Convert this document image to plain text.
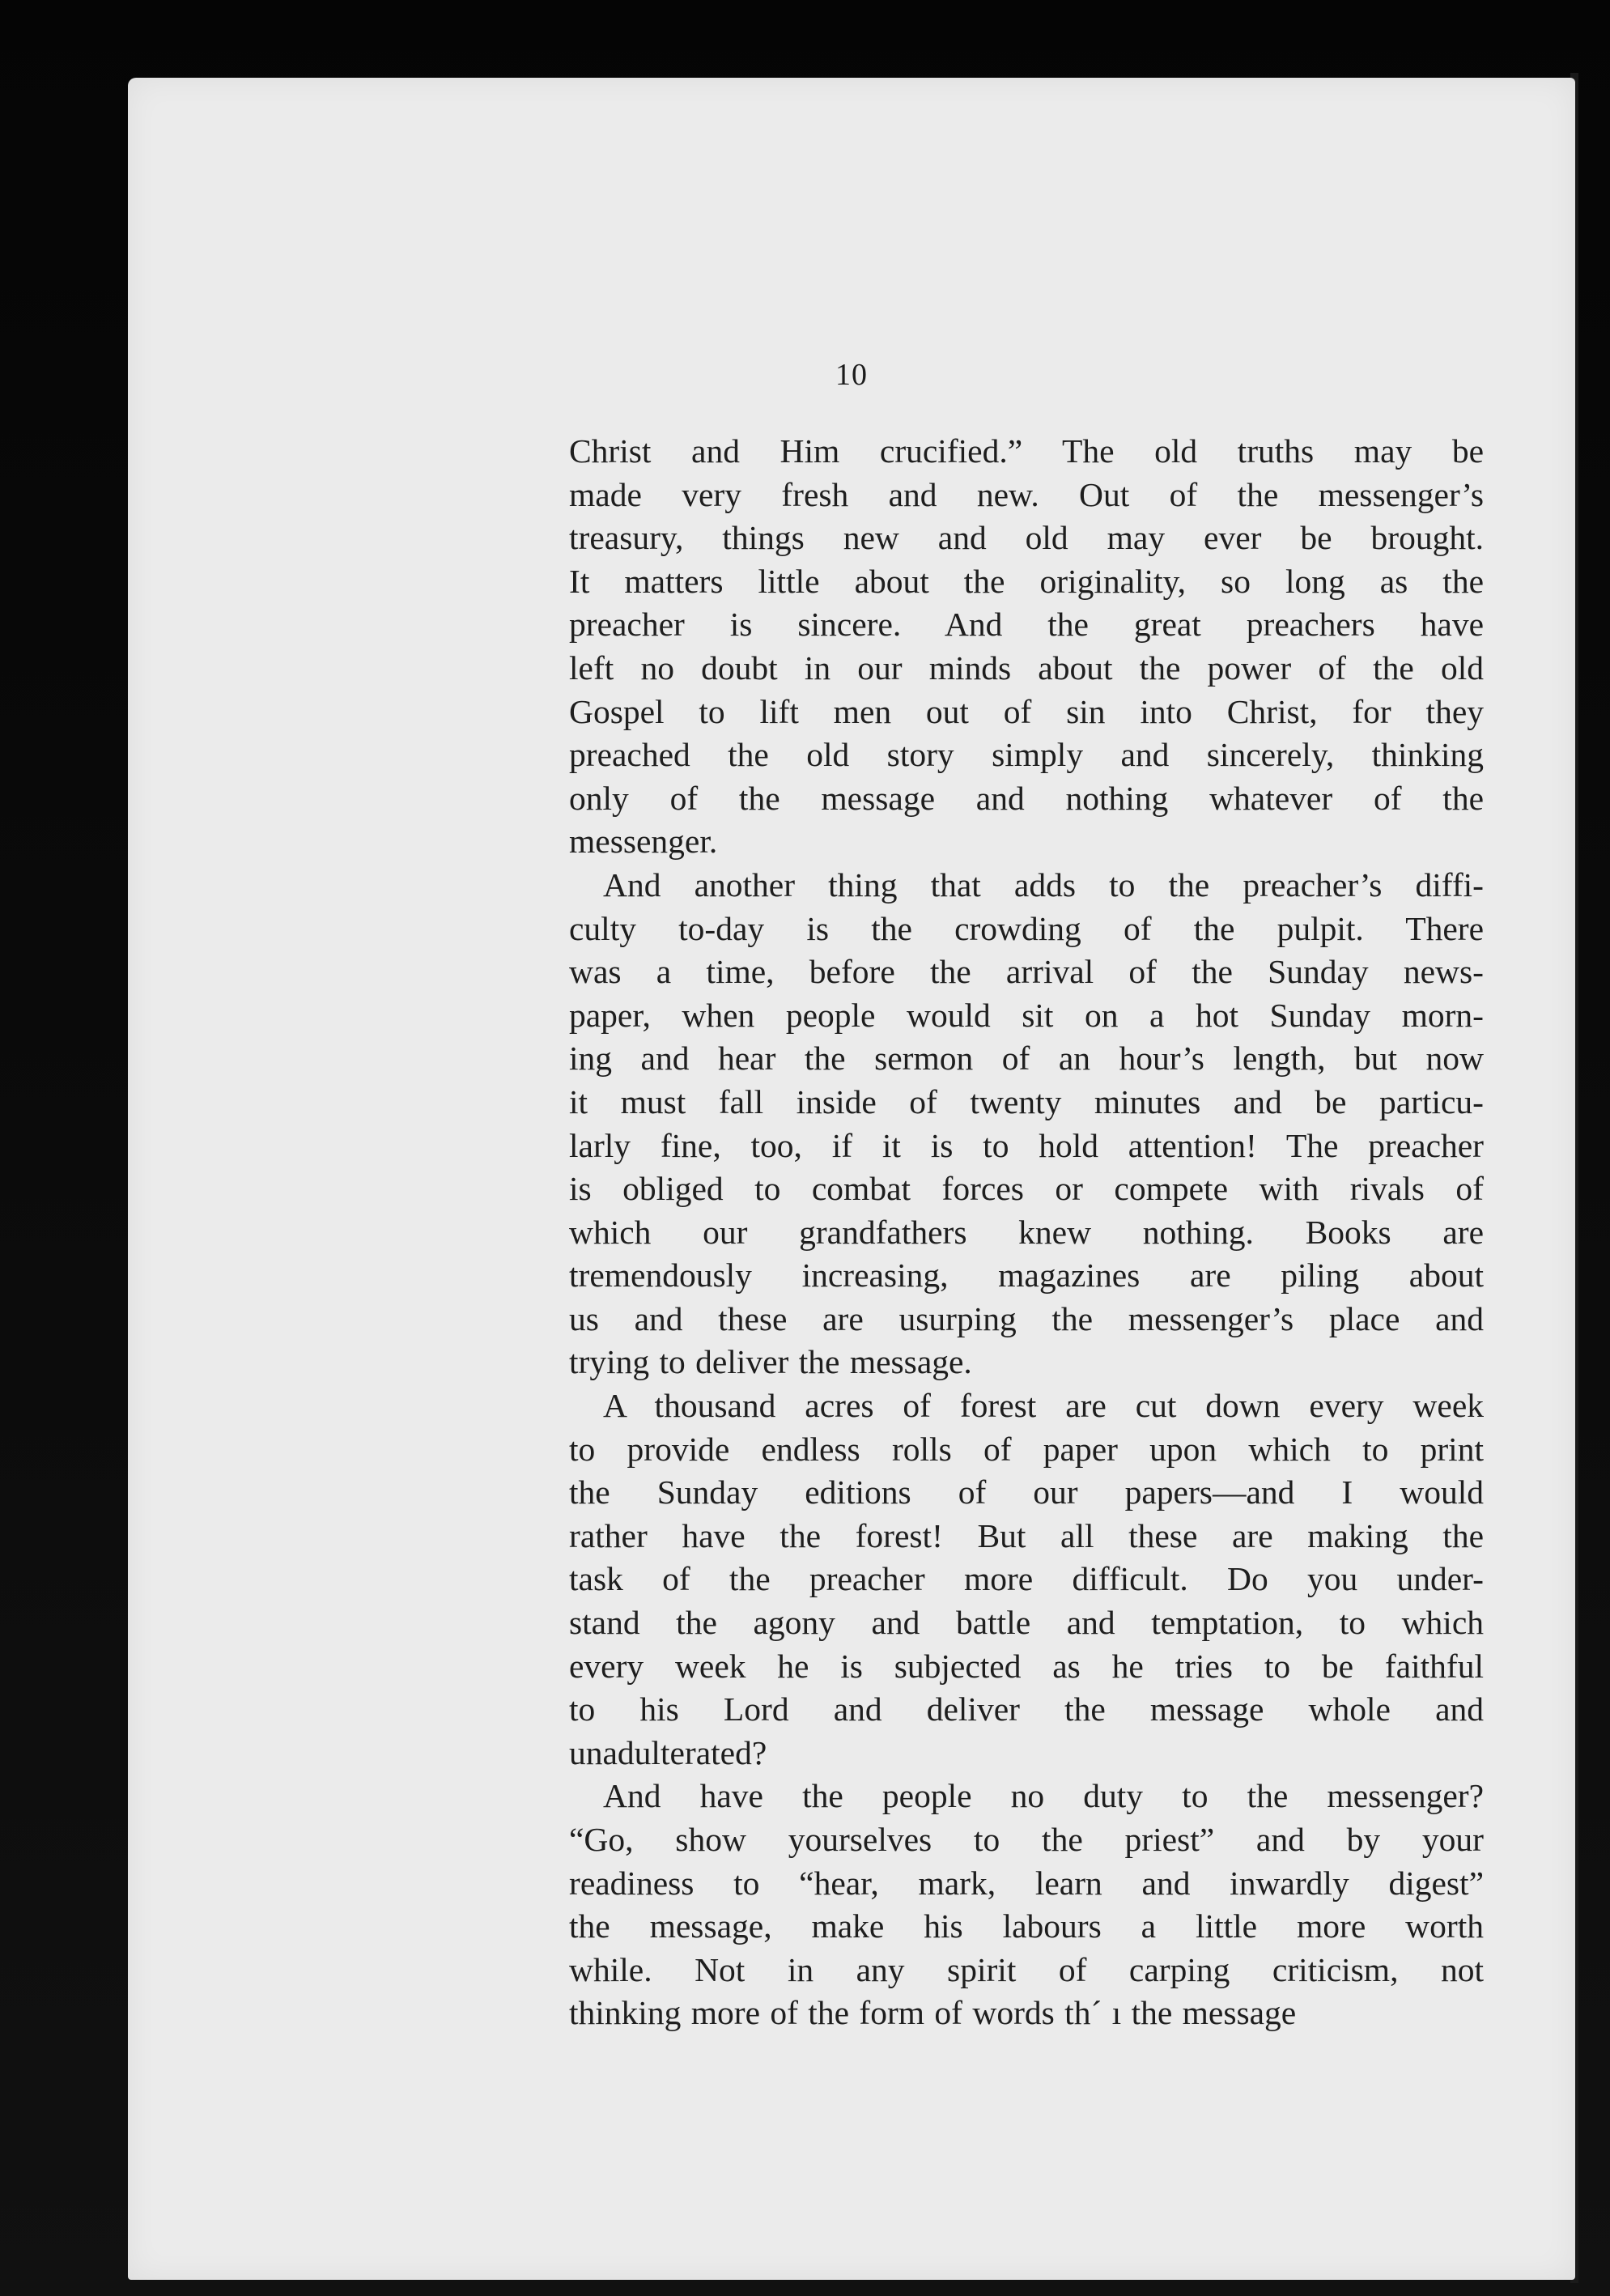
10
Christ and Him crucified.” The old truths may be
made very fresh and new. Out of the messenger’s
treasury, things new and old may ever be brought.
It matters little about the originality, so long as the
preacher is sincere. And the great preachers have
left no doubt in our minds about the power of the old
Gospel to lift men out of sin into Christ, for they
preached the old story simply and sincerely, thinking
only of the message and nothing whatever of the
messenger.
And another thing that adds to the preacher’s diffi-
culty to-day is the crowding of the pulpit. There
was a time, before the arrival of the Sunday news-
paper, when people would sit on a hot Sunday morn-
ing and hear the sermon of an hour’s length, but now
it must fall inside of twenty minutes and be particu-
larly fine, too, if it is to hold attention! The preacher
is obliged to combat forces or compete with rivals of
which our grandfathers knew nothing. Books are
tremendously increasing, magazines are piling about
us and these are usurping the messenger’s place and
trying to deliver the message.
A thousand acres of forest are cut down every week
to provide endless rolls of paper upon which to print
the Sunday editions of our papers—and I would
rather have the forest! But all these are making the
task of the preacher more difficult. Do you under-
stand the agony and battle and temptation, to which
every week he is subjected as he tries to be faithful
to his Lord and deliver the message whole and
unadulterated?
And have the people no duty to the messenger?
“Go, show yourselves to the priest” and by your
readiness to “hear, mark, learn and inwardly digest”
the message, make his labours a little more worth
while. Not in any spirit of carping criticism, not
thinking more of the form of words th´ ı the message
